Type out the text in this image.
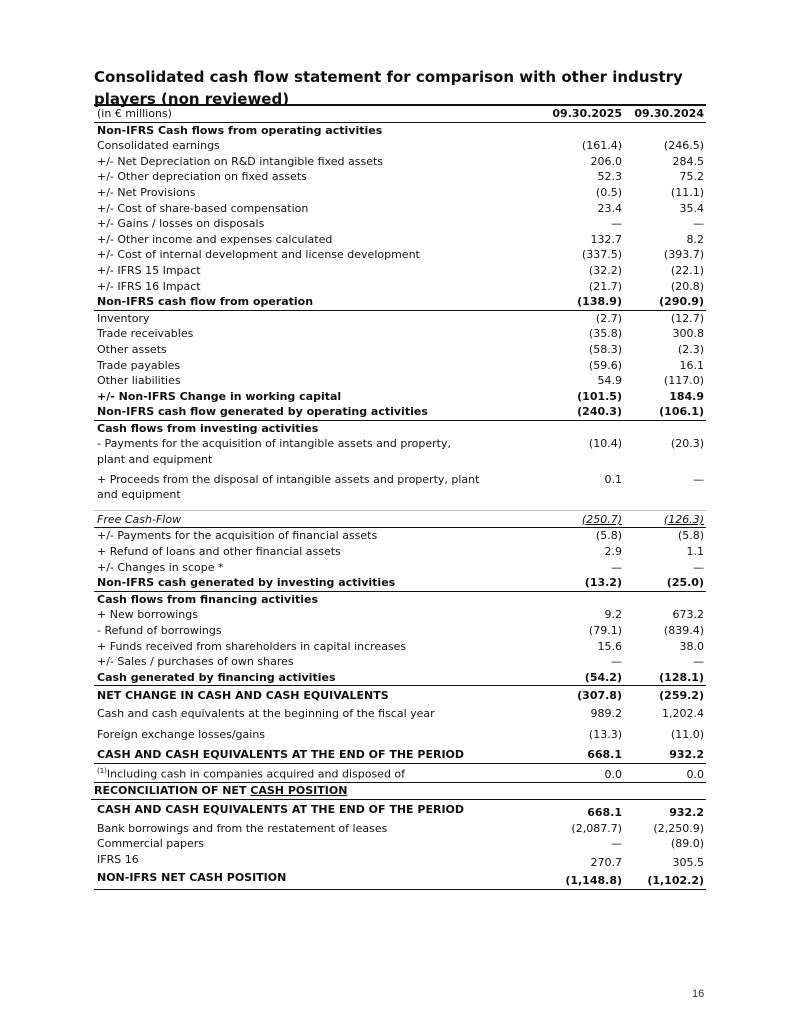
Consolidated cash flow statement for comparison with other industry players (non reviewed)
(in € millions)	09.30.2025	09.30.2024
Non-IFRS Cash flows from operating activities
Consolidated earnings	(161.4)	(246.5)
+/- Net Depreciation on R&D intangible fixed assets	206.0	284.5
+/- Other depreciation on fixed assets	52.3	75.2
+/- Net Provisions	(0.5)	(11.1)
+/- Cost of share-based compensation	23.4	35.4
+/- Gains / losses on disposals	—	—
+/- Other income and expenses calculated	132.7	8.2
+/- Cost of internal development and license development	(337.5)	(393.7)
+/- IFRS 15 Impact	(32.2)	(22.1)
+/- IFRS 16 Impact	(21.7)	(20.8)
Non-IFRS cash flow from operation	(138.9)	(290.9)
Inventory	(2.7)	(12.7)
Trade receivables	(35.8)	300.8
Other assets	(58.3)	(2.3)
Trade payables	(59.6)	16.1
Other liabilities	54.9	(117.0)
+/- Non-IFRS Change in working capital	(101.5)	184.9
Non-IFRS cash flow generated by operating activities	(240.3)	(106.1)
Cash flows from investing activities
- Payments for the acquisition of intangible assets and property, plant and equipment
(10.4)	(20.3)
+ Proceeds from the disposal of intangible assets and property, plant and equipment
0.1	—
Free Cash-Flow	(250.7)	(126.3)
+/- Payments for the acquisition of financial assets	(5.8)	(5.8)
+ Refund of loans and other financial assets	2.9	1.1
+/- Changes in scope *	—	—
Non-IFRS cash generated by investing activities	(13.2)	(25.0)
Cash flows from financing activities
+ New borrowings	9.2	673.2
- Refund of borrowings	(79.1)	(839.4)
+ Funds received from shareholders in capital increases	15.6	38.0
+/- Sales / purchases of own shares	—	—
Cash generated by financing activities	(54.2)	(128.1)
NET CHANGE IN CASH AND CASH EQUIVALENTS	(307.8)	(259.2)
Cash and cash equivalents at the beginning of the fiscal year	989.2	1,202.4
Foreign exchange losses/gains	(13.3)	(11.0)
CASH AND CASH EQUIVALENTS AT THE END OF THE PERIOD	668.1	932.2
$^{(1)}$Including cash in companies acquired and disposed of	0.0	0.0
RECONCILIATION OF NET CASH POSITION
CASH AND CASH EQUIVALENTS AT THE END OF THE PERIOD	668.1	932.2
Bank borrowings and from the restatement of leases	(2,087.7)	(2,250.9)
Commercial papers	—	(89.0)
IFRS 16	270.7	305.5
NON-IFRS NET CASH POSITION	(1,148.8)	(1,102.2)
16
